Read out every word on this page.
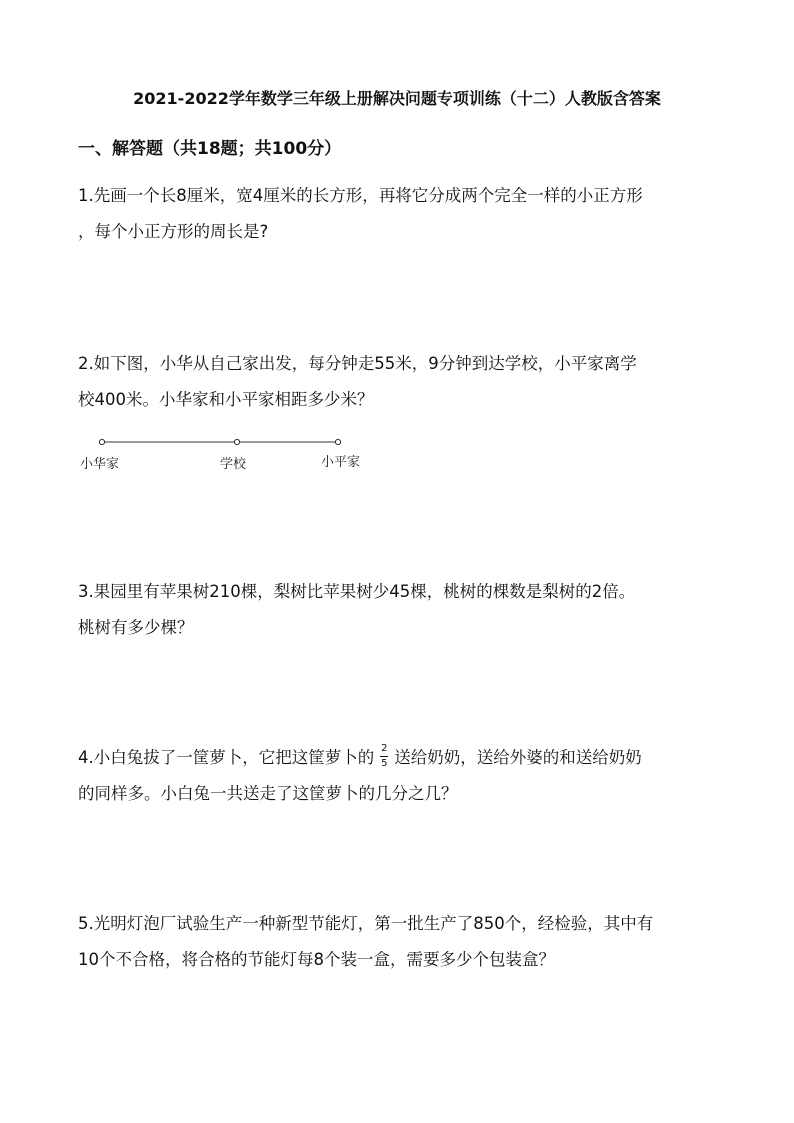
2021-2022学年数学三年级上册解决问题专项训练（十二）人教版含答案
一、解答题（共18题；共100分）

1.先画一个长8厘米，宽4厘米的长方形，再将它分成两个完全一样的小正方形

，每个小正方形的周长是?

2.如下图，小华从自己家出发，每分钟走55米，9分钟到达学校，小平家离学

校400米。小华家和小平家相距多少米？

小华家	学校	小平家

3.果园里有苹果树210棵，梨树比苹果树少45棵，桃树的棵数是梨树的2倍。

桃树有多少棵？

4.小白兔拔了一筐萝卜，它把这筐萝卜的 $\frac{2}{5}$ 送给奶奶，送给外婆的和送给奶奶

的同样多。小白兔一共送走了这筐萝卜的几分之几？

5.光明灯泡厂试验生产一种新型节能灯，第一批生产了850个，经检验，其中有

10个不合格，将合格的节能灯每8个装一盒，需要多少个包装盒？
